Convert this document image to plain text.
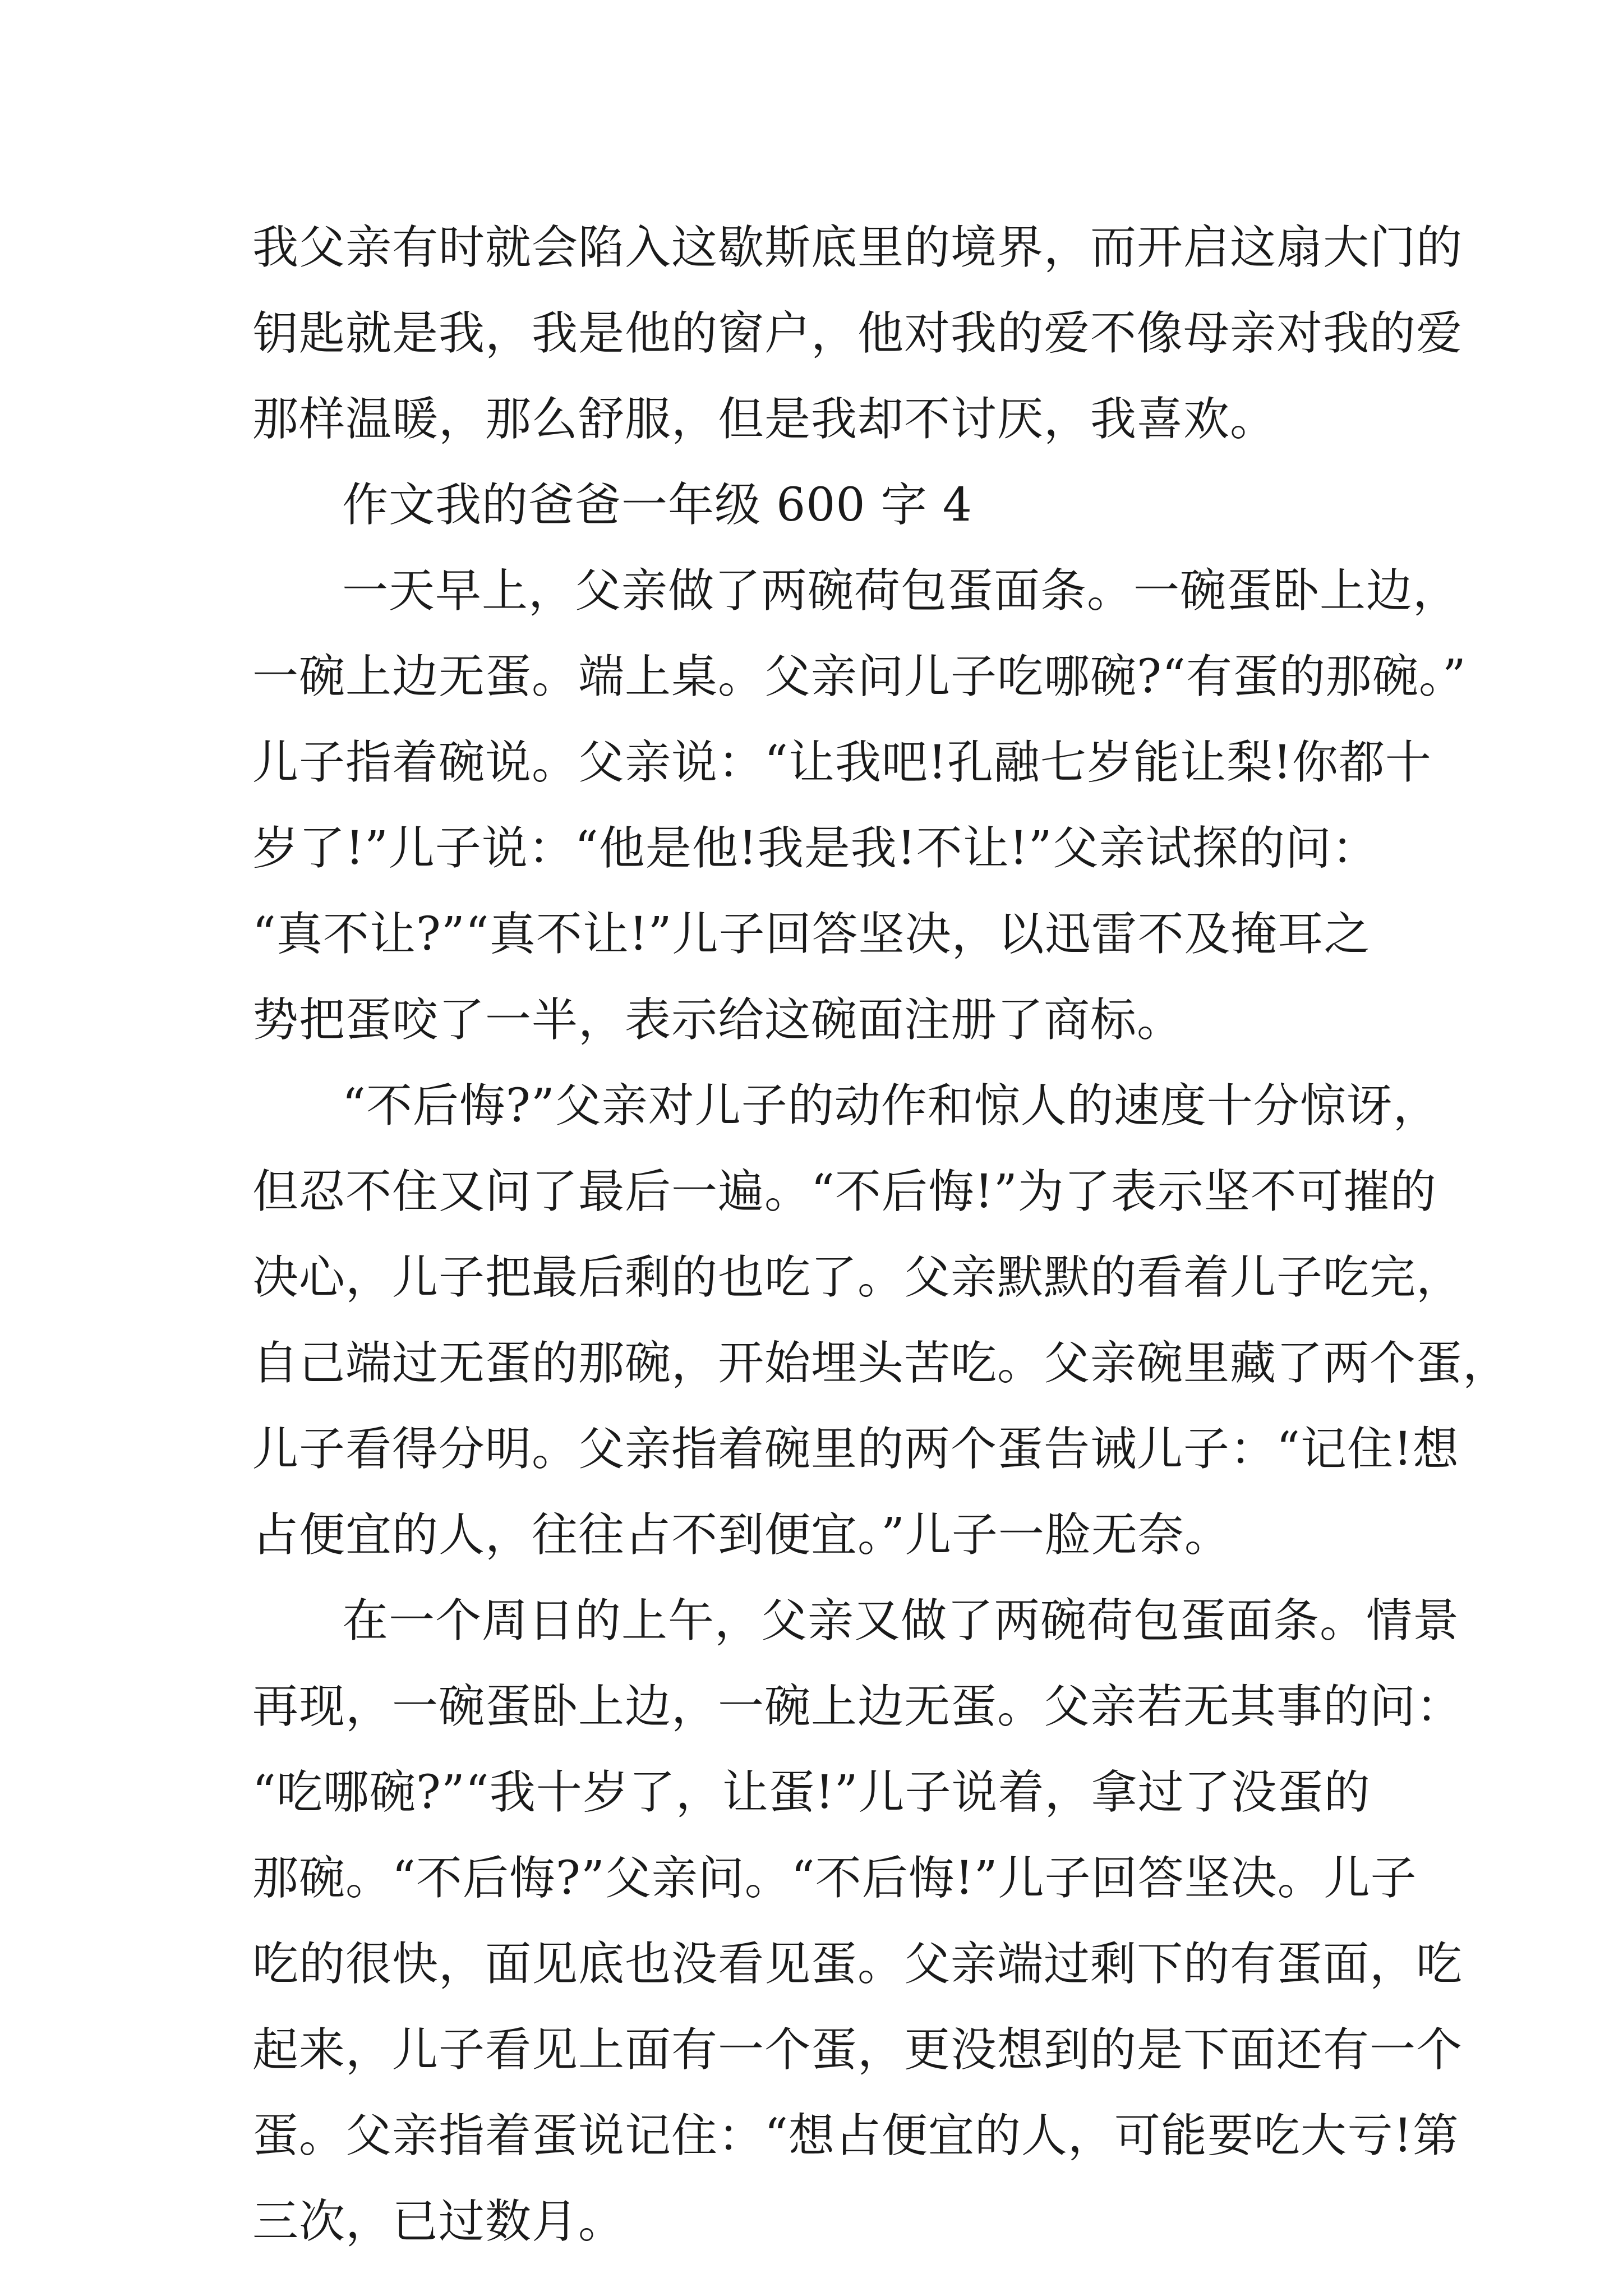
我父亲有时就会陷入这歇斯底里的境界，而开启这扇大门的
钥匙就是我，我是他的窗户，他对我的爱不像母亲对我的爱
那样温暖，那么舒服，但是我却不讨厌，我喜欢。
作文我的爸爸一年级 600 字 4
一天早上，父亲做了两碗荷包蛋面条。一碗蛋卧上边，
一碗上边无蛋。端上桌。父亲问儿子吃哪碗?“有蛋的那碗。”
儿子指着碗说。父亲说：“让我吧!孔融七岁能让梨!你都十
岁了!”儿子说：“他是他!我是我!不让!”父亲试探的问：
“真不让?”“真不让!”儿子回答坚决，以迅雷不及掩耳之
势把蛋咬了一半，表示给这碗面注册了商标。
“不后悔?”父亲对儿子的动作和惊人的速度十分惊讶，
但忍不住又问了最后一遍。“不后悔!”为了表示坚不可摧的
决心，儿子把最后剩的也吃了。父亲默默的看着儿子吃完，
自己端过无蛋的那碗，开始埋头苦吃。父亲碗里藏了两个蛋，
儿子看得分明。父亲指着碗里的两个蛋告诫儿子：“记住!想
占便宜的人，往往占不到便宜。”儿子一脸无奈。
在一个周日的上午，父亲又做了两碗荷包蛋面条。情景
再现，一碗蛋卧上边，一碗上边无蛋。父亲若无其事的问：
“吃哪碗?”“我十岁了，让蛋!”儿子说着，拿过了没蛋的
那碗。“不后悔?”父亲问。“不后悔!”儿子回答坚决。儿子
吃的很快，面见底也没看见蛋。父亲端过剩下的有蛋面，吃
起来，儿子看见上面有一个蛋，更没想到的是下面还有一个
蛋。父亲指着蛋说记住：“想占便宜的人，可能要吃大亏!第
三次，已过数月。
